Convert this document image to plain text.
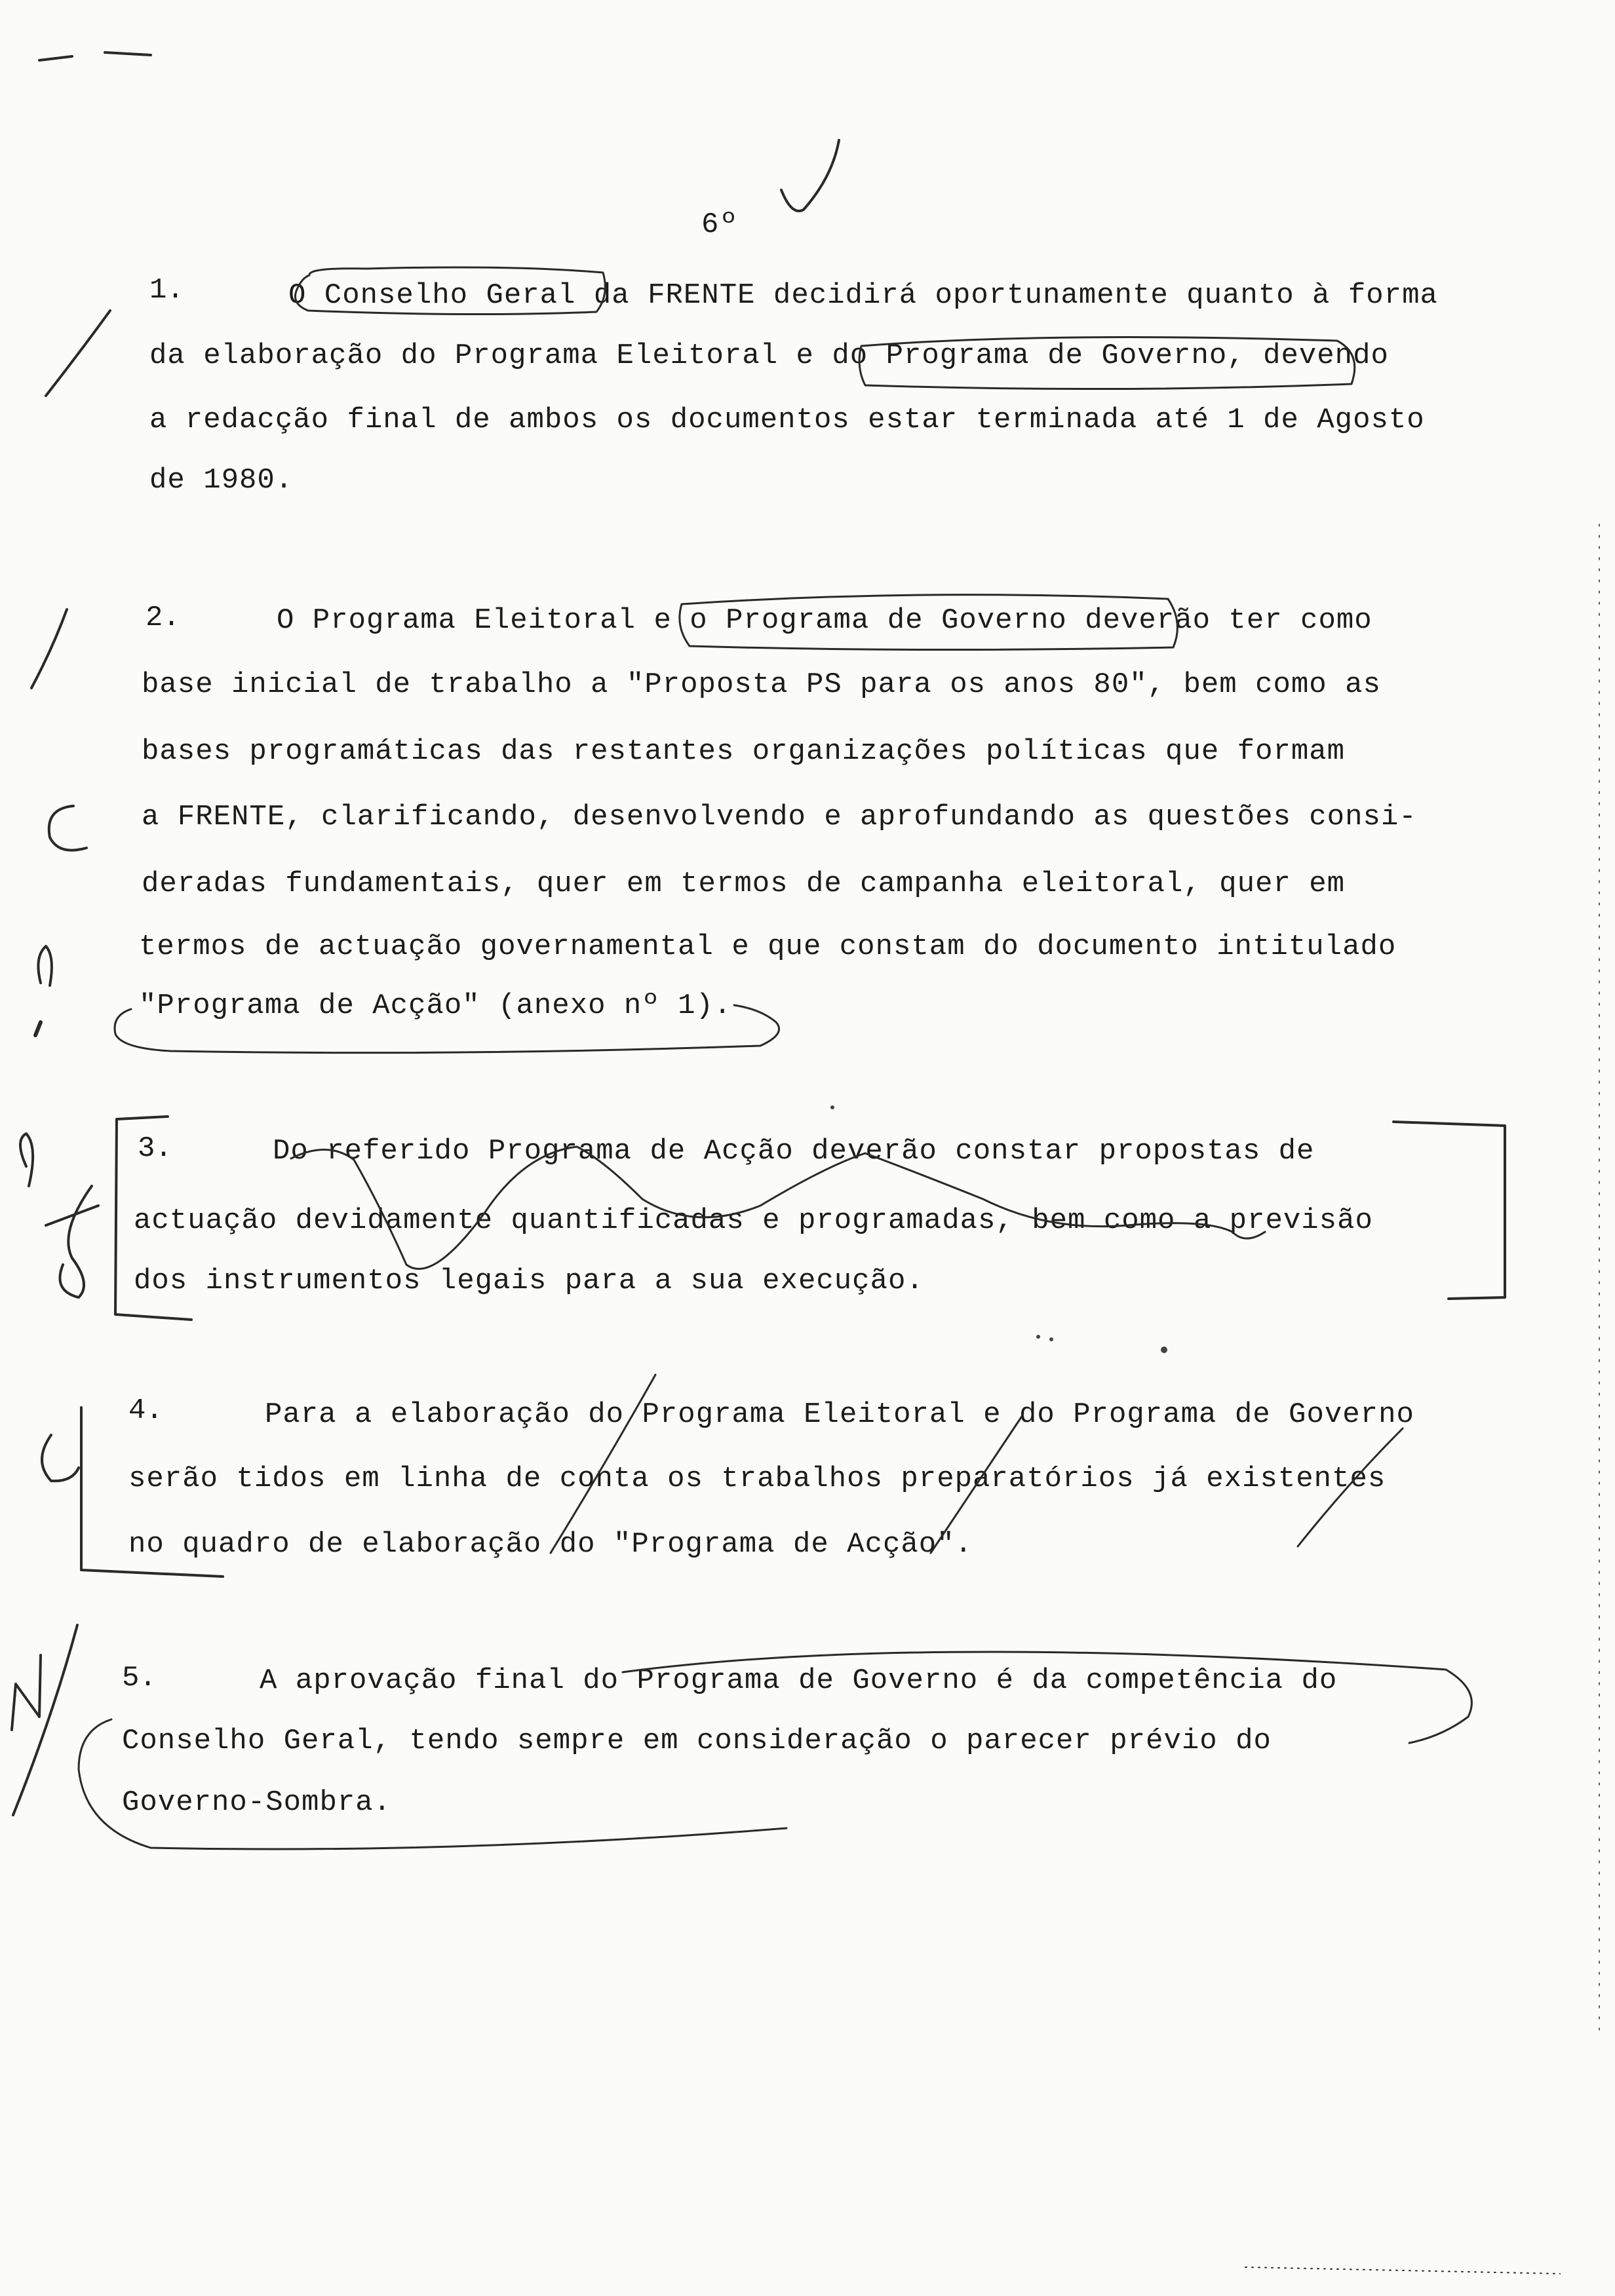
6º
1.	O Conselho Geral da FRENTE decidirá oportunamente quanto à forma
da elaboração do Programa Eleitoral e do Programa de Governo, devendo
a redacção final de ambos os documentos estar terminada até 1 de Agosto
de 1980.
2.	O Programa Eleitoral e o Programa de Governo deverão ter como
base inicial de trabalho a "Proposta PS para os anos 80", bem como as
bases programáticas das restantes organizações políticas que formam
a FRENTE, clarificando, desenvolvendo e aprofundando as questões consi-
deradas fundamentais, quer em termos de campanha eleitoral, quer em
termos de actuação governamental e que constam do documento intitulado
"Programa de Acção" (anexo nº 1).
3.	Do referido Programa de Acção deverão constar propostas de
actuação devidamente quantificadas e programadas, bem como a previsão
dos instrumentos legais para a sua execução.
4.	Para a elaboração do Programa Eleitoral e do Programa de Governo
serão tidos em linha de conta os trabalhos preparatórios já existentes
no quadro de elaboração do "Programa de Acção".
5.	A aprovação final do Programa de Governo é da competência do
Conselho Geral, tendo sempre em consideração o parecer prévio do
Governo-Sombra.
